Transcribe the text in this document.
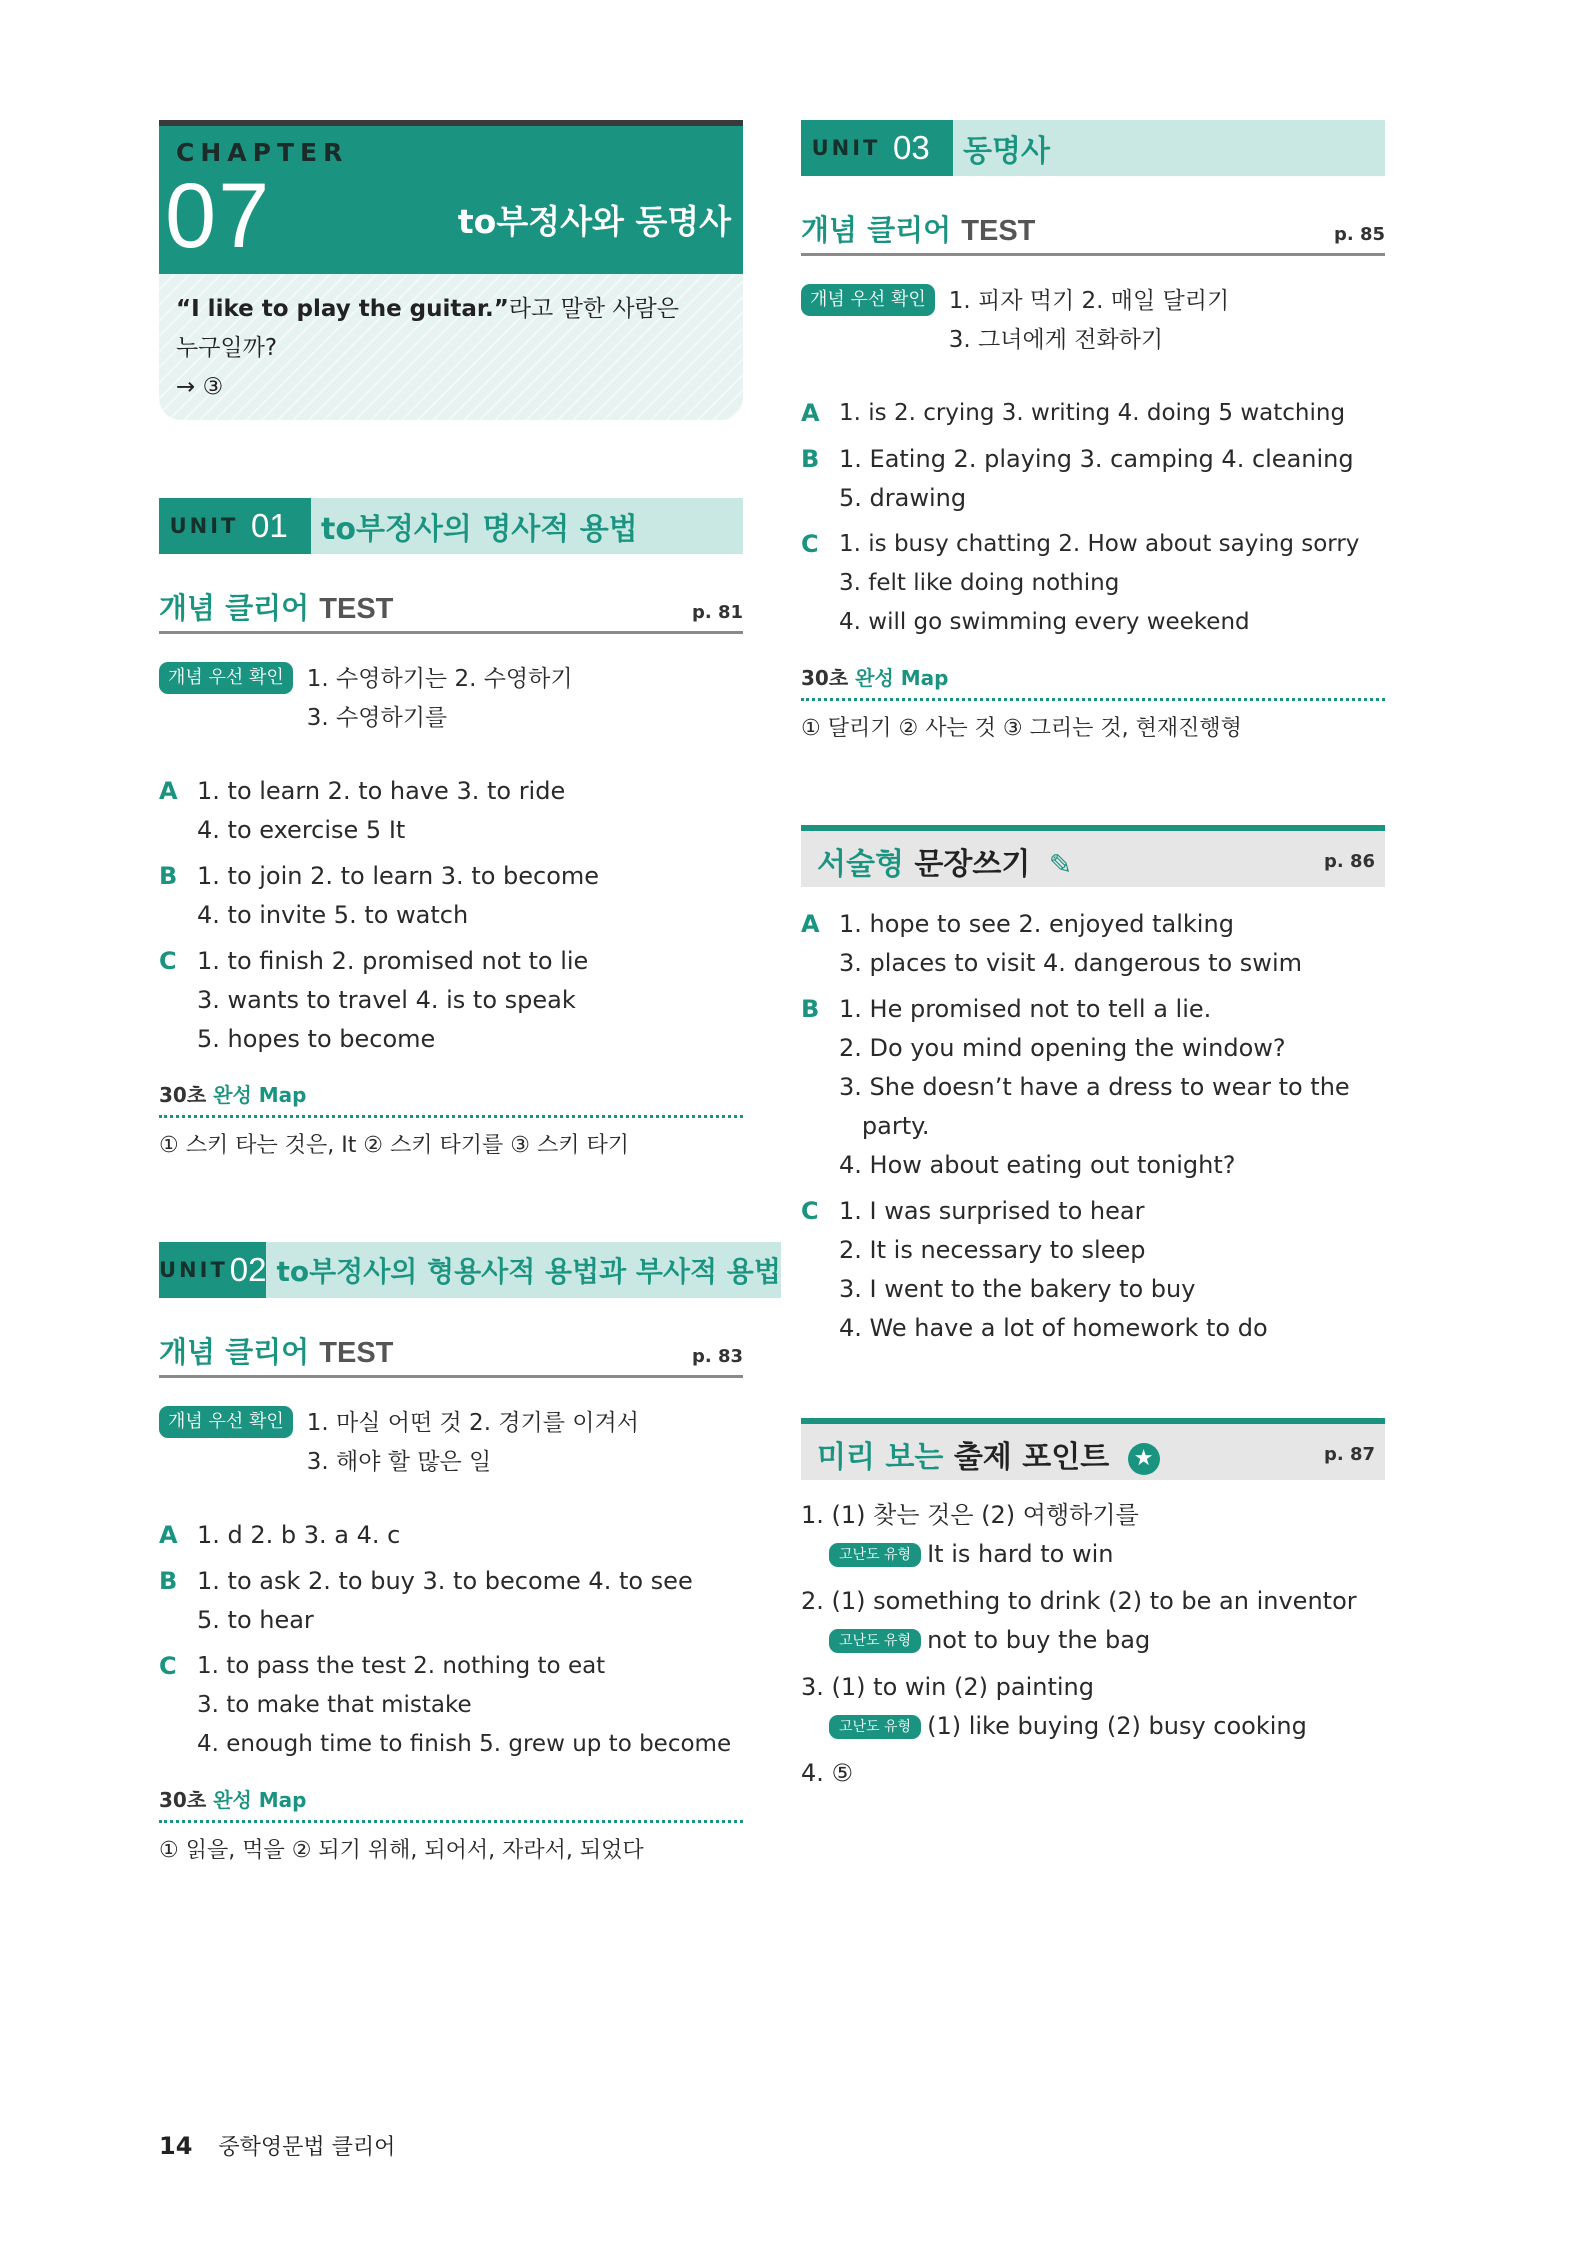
CHAPTER
07	to부정사와 동명사
“I like to play the guitar.”라고 말한 사람은
누구일까?
→ ③
UNIT 01	to부정사의 명사적 용법
개념 클리어 TEST	p. 81
개념 우선 확인	1. 수영하기는 2. 수영하기
3. 수영하기를
A 1. to learn 2. to have 3. to ride
4. to exercise 5 It
B 1. to join 2. to learn 3. to become
4. to invite 5. to watch
C 1. to finish 2. promised not to lie
3. wants to travel 4. is to speak
5. hopes to become
30초 완성 Map
① 스키 타는 것은, It ② 스키 타기를 ③ 스키 타기
UNIT 02 to부정사의 형용사적 용법과 부사적 용법
개념 클리어 TEST	p. 83
개념 우선 확인	1. 마실 어떤 것 2. 경기를 이겨서
3. 해야 할 많은 일
A 1. d 2. b 3. a 4. c
B 1. to ask 2. to buy 3. to become 4. to see
5. to hear
C 1. to pass the test 2. nothing to eat
3. to make that mistake
4. enough time to finish 5. grew up to become
30초 완성 Map
① 읽을, 먹을 ② 되기 위해, 되어서, 자라서, 되었다
UNIT 03	동명사
개념 클리어 TEST	p. 85
개념 우선 확인	1. 피자 먹기 2. 매일 달리기
3. 그녀에게 전화하기
A 1. is 2. crying 3. writing 4. doing 5 watching
B 1. Eating 2. playing 3. camping 4. cleaning
5. drawing
C 1. is busy chatting 2. How about saying sorry
3. felt like doing nothing
4. will go swimming every weekend
30초 완성 Map
① 달리기 ② 사는 것 ③ 그리는 것, 현재진행형
서술형 문장쓰기 ✎	p. 86
A 1. hope to see 2. enjoyed talking
3. places to visit 4. dangerous to swim
B 1. He promised not to tell a lie.
2. Do you mind opening the window?
3. She doesn’t have a dress to wear to the
party.
4. How about eating out tonight?
C 1. I was surprised to hear
2. It is necessary to sleep
3. I went to the bakery to buy
4. We have a lot of homework to do
미리 보는 출제 포인트 ★	p. 87
1. (1) 찾는 것은 (2) 여행하기를
고난도 유형 It is hard to win
2. (1) something to drink (2) to be an inventor
고난도 유형 not to buy the bag
3. (1) to win (2) painting
고난도 유형 (1) like buying (2) busy cooking
4. ⑤
14 중학영문법 클리어
